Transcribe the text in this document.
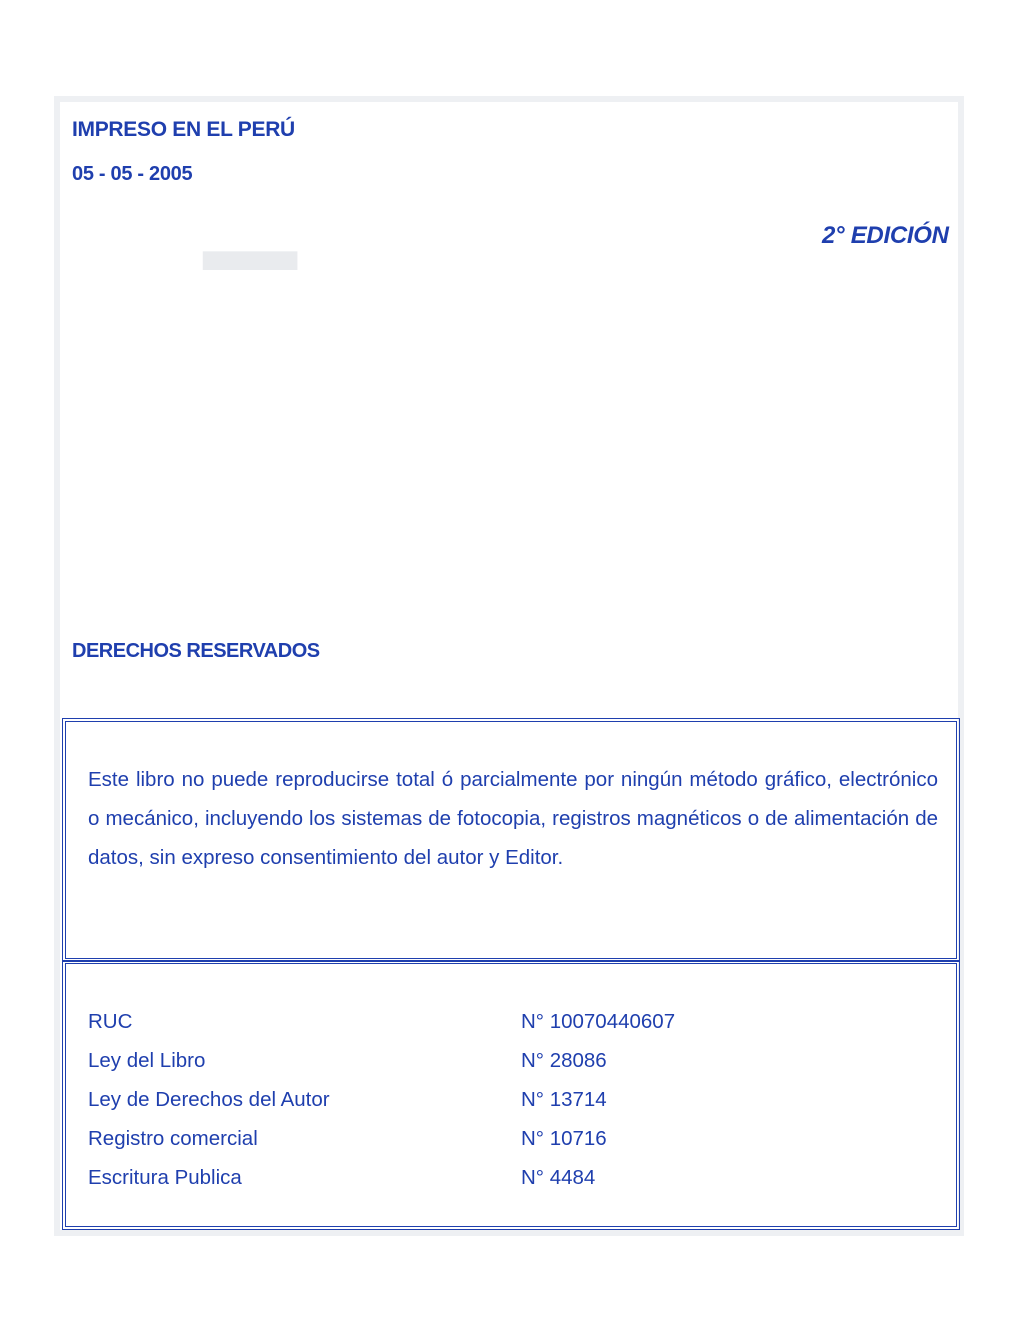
▁
IMPRESO EN EL PERÚ
05 - 05 - 2005
2° EDICIÓN
DERECHOS RESERVADOS
Este libro no puede reproducirse total ó parcialmente por ningún método gráfico, electrónico o mecánico, incluyendo los sistemas de fotocopia, registros magnéticos o de alimentación de datos, sin expreso consentimiento del autor y Editor.
RUC	N° 10070440607
Ley del Libro	N° 28086
Ley de Derechos del Autor	N° 13714
Registro comercial	N° 10716
Escritura Publica	N° 4484
